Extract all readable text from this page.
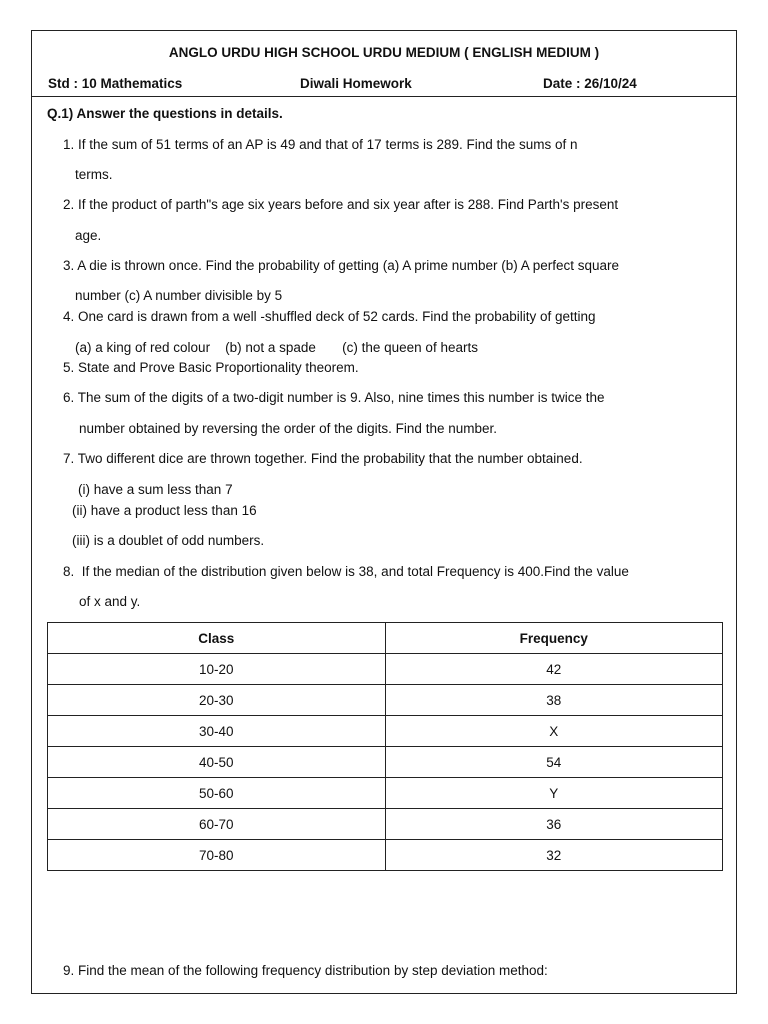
ANGLO URDU HIGH SCHOOL URDU MEDIUM ( ENGLISH MEDIUM )
Std : 10 Mathematics	Diwali Homework	Date : 26/10/24
Q.1) Answer the questions in details.
1. If the sum of 51 terms of an AP is 49 and that of 17 terms is 289. Find the sums of n
terms.
2. If the product of parth"s age six years before and six year after is 288. Find Parth's present
age.
3. A die is thrown once. Find the probability of getting (a) A prime number (b) A perfect square
number (c) A number divisible by 5
4. One card is drawn from a well -shuffled deck of 52 cards. Find the probability of getting
(a) a king of red colour    (b) not a spade       (c) the queen of hearts
5. State and Prove Basic Proportionality theorem.
6. The sum of the digits of a two-digit number is 9. Also, nine times this number is twice the
number obtained by reversing the order of the digits. Find the number.
7. Two different dice are thrown together. Find the probability that the number obtained.
(i) have a sum less than 7
(ii) have a product less than 16
(iii) is a doublet of odd numbers.
8.  If the median of the distribution given below is 38, and total Frequency is 400.Find the value
of x and y.
Class	Frequency
10-20	42
20-30	38
30-40	X
40-50	54
50-60	Y
60-70	36
70-80	32
9. Find the mean of the following frequency distribution by step deviation method:
